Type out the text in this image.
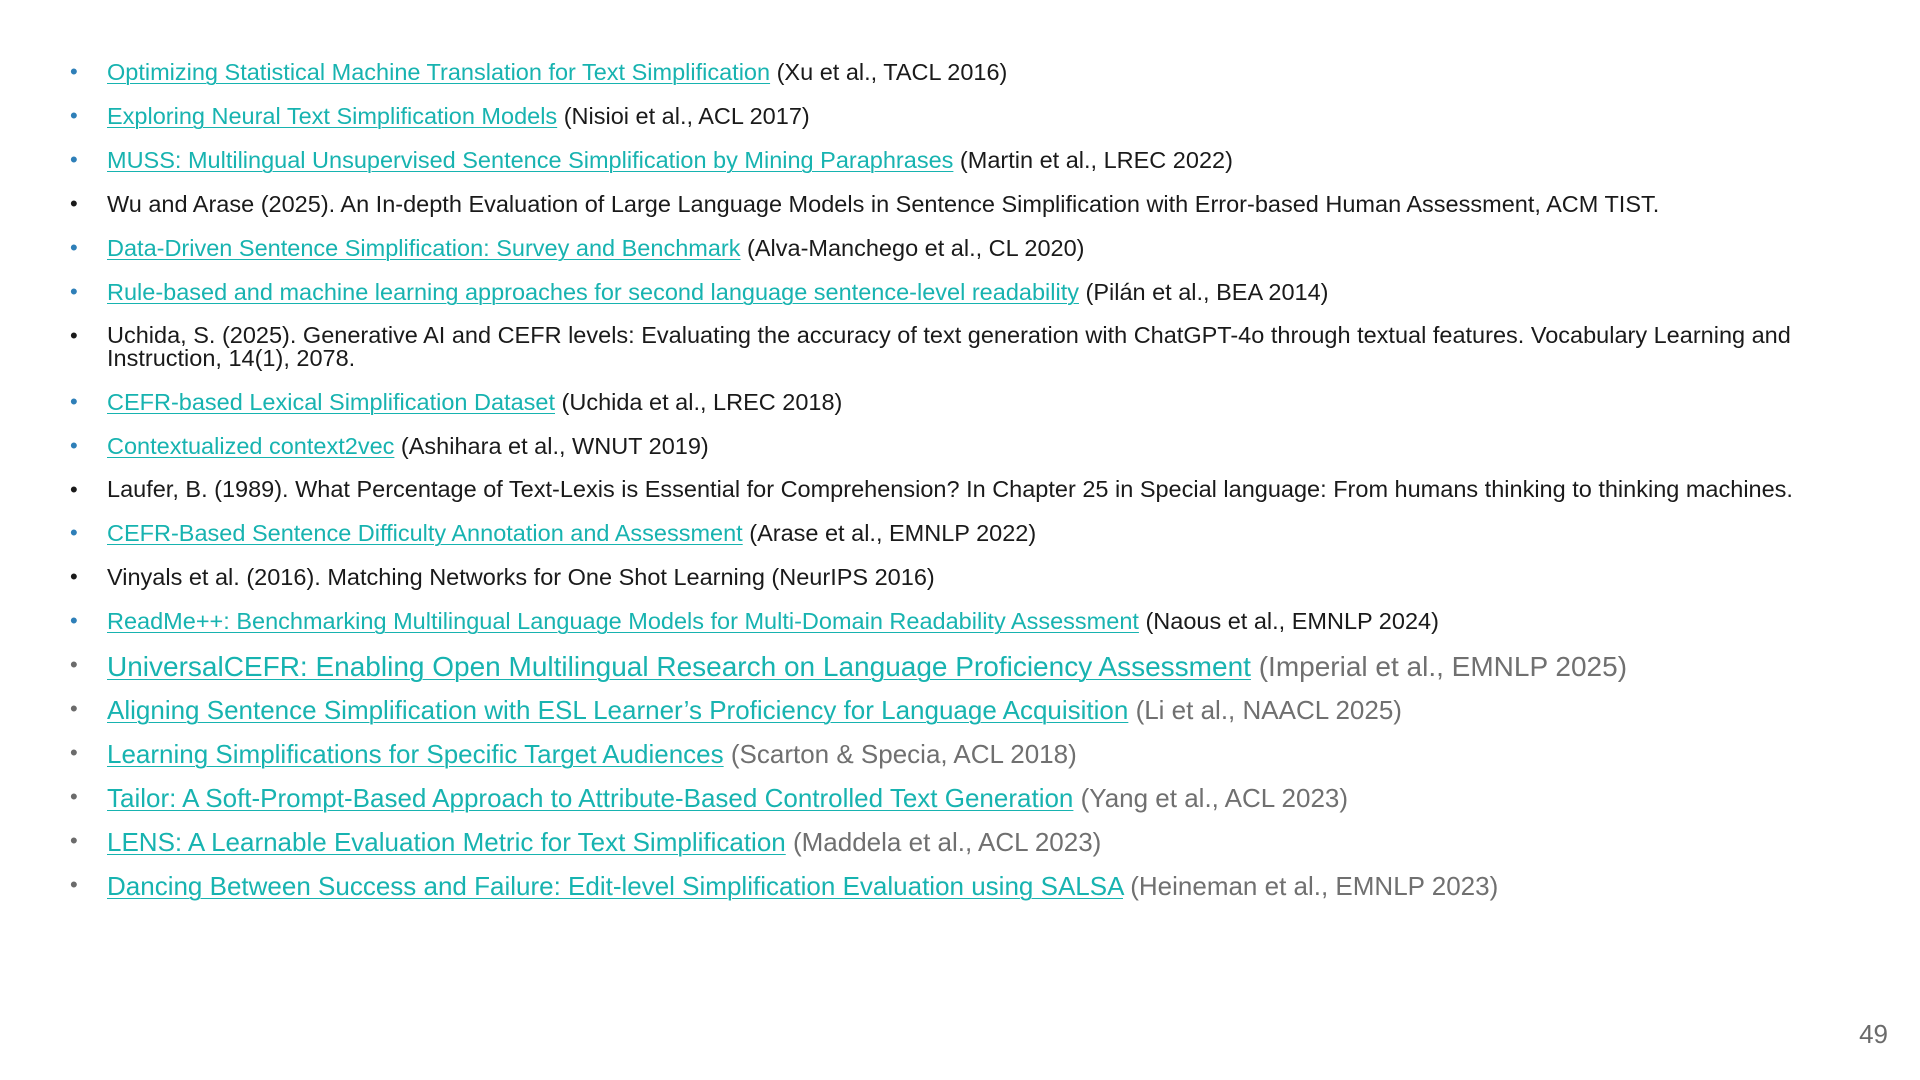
• Optimizing Statistical Machine Translation for Text Simplification (Xu et al., TACL 2016)
• Exploring Neural Text Simplification Models (Nisioi et al., ACL 2017)
• MUSS: Multilingual Unsupervised Sentence Simplification by Mining Paraphrases (Martin et al., LREC 2022)
• Wu and Arase (2025). An In-depth Evaluation of Large Language Models in Sentence Simplification with Error-based Human Assessment, ACM TIST.
• Data-Driven Sentence Simplification: Survey and Benchmark (Alva-Manchego et al., CL 2020)
• Rule-based and machine learning approaches for second language sentence-level readability (Pilán et al., BEA 2014)
• Uchida, S. (2025). Generative AI and CEFR levels: Evaluating the accuracy of text generation with ChatGPT-4o through textual features. Vocabulary Learning and Instruction, 14(1), 2078.
• CEFR-based Lexical Simplification Dataset (Uchida et al., LREC 2018)
• Contextualized context2vec (Ashihara et al., WNUT 2019)
• Laufer, B. (1989). What Percentage of Text-Lexis is Essential for Comprehension? In Chapter 25 in Special language: From humans thinking to thinking machines.
• CEFR-Based Sentence Difficulty Annotation and Assessment (Arase et al., EMNLP 2022)
• Vinyals et al. (2016). Matching Networks for One Shot Learning (NeurIPS 2016)
• ReadMe++: Benchmarking Multilingual Language Models for Multi-Domain Readability Assessment (Naous et al., EMNLP 2024)
• UniversalCEFR: Enabling Open Multilingual Research on Language Proficiency Assessment (Imperial et al., EMNLP 2025)
• Aligning Sentence Simplification with ESL Learner’s Proficiency for Language Acquisition (Li et al., NAACL 2025)
• Learning Simplifications for Specific Target Audiences (Scarton & Specia, ACL 2018)
• Tailor: A Soft-Prompt-Based Approach to Attribute-Based Controlled Text Generation (Yang et al., ACL 2023)
• LENS: A Learnable Evaluation Metric for Text Simplification (Maddela et al., ACL 2023)
• Dancing Between Success and Failure: Edit-level Simplification Evaluation using SALSA (Heineman et al., EMNLP 2023)
49
